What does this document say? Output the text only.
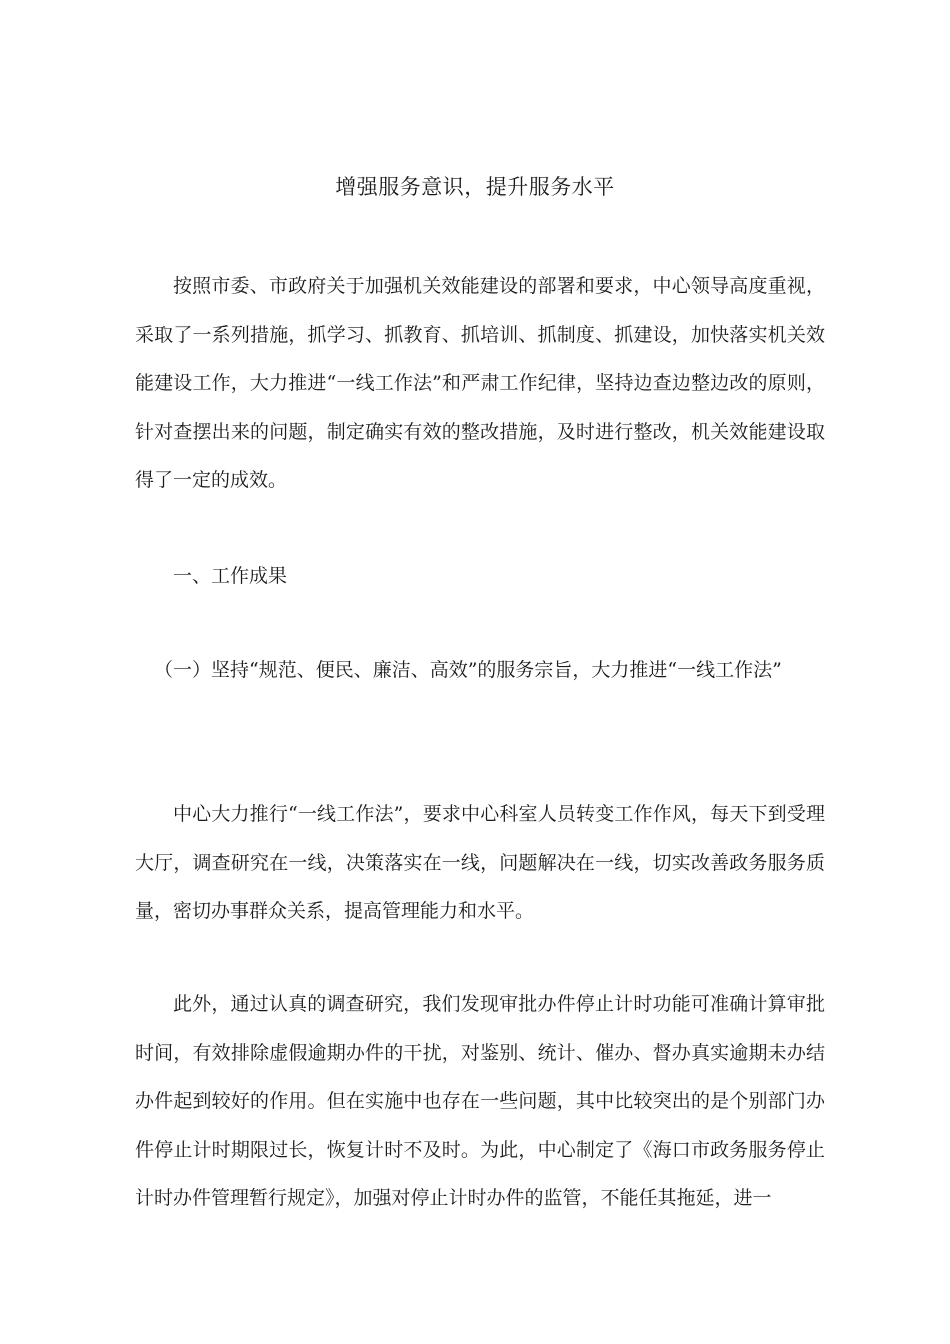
增强服务意识，提升服务水平

按照市委、市政府关于加强机关效能建设的部署和要求，中心领导高度重视，采取了一系列措施，抓学习、抓教育、抓培训、抓制度、抓建设，加快落实机关效能建设工作，大力推进“一线工作法”和严肃工作纪律，坚持边查边整边改的原则，针对查摆出来的问题，制定确实有效的整改措施，及时进行整改，机关效能建设取得了一定的成效。

一、工作成果

（一）坚持“规范、便民、廉洁、高效”的服务宗旨，大力推进“一线工作法”

中心大力推行“一线工作法”，要求中心科室人员转变工作作风，每天下到受理大厅，调查研究在一线，决策落实在一线，问题解决在一线，切实改善政务服务质量，密切办事群众关系，提高管理能力和水平。

此外，通过认真的调查研究，我们发现审批办件停止计时功能可准确计算审批时间，有效排除虚假逾期办件的干扰，对鉴别、统计、催办、督办真实逾期未办结办件起到较好的作用。但在实施中也存在一些问题，其中比较突出的是个别部门办件停止计时期限过长，恢复计时不及时。为此，中心制定了《海口市政务服务停止计时办件管理暂行规定》，加强对停止计时办件的监管，不能任其拖延，进一
